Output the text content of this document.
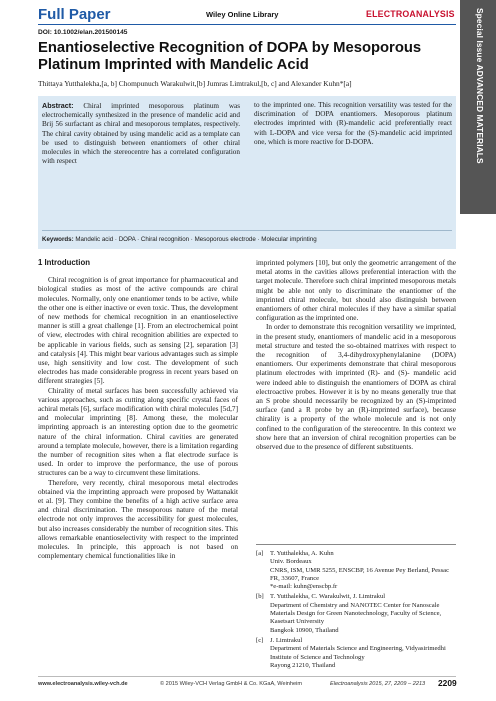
Full Paper	Wiley Online Library	ELECTROANALYSIS	Special Issue ADVANCED MATERIALS
DOI: 10.1002/elan.201500145
Enantioselective Recognition of DOPA by Mesoporous Platinum Imprinted with Mandelic Acid
Thittaya Yutthalekha,[a, b] Chompunuch Warakulwit,[b] Jumras Limtrakul,[b, c] and Alexander Kuhn*[a]
Abstract: Chiral imprinted mesoporous platinum was electrochemically synthesized in the presence of mandelic acid and Brij 56 surfactant as chiral and mesoporous templates, respectively. The chiral cavity obtained by using mandelic acid as a template can be used to distinguish between enantiomers of other chiral molecules in which the stereocentre has a correlated configuration with respect
to the imprinted one. This recognition versatility was tested for the discrimination of DOPA enantiomers. Mesoporous platinum electrodes imprinted with (R)-mandelic acid preferentially react with L-DOPA and vice versa for the (S)-mandelic acid imprinted one, which is more reactive for D-DOPA.
Keywords: Mandelic acid · DOPA · Chiral recognition · Mesoporous electrode · Molecular imprinting
1 Introduction

Chiral recognition is of great importance for pharmaceutical and biological studies as most of the active compounds are chiral molecules. Normally, only one enantiomer tends to be active, while the other one is either inactive or even toxic. Thus, the development of new methods for chemical recognition in an enantioselective manner is still a great challenge [1]. From an electrochemical point of view, electrodes with chiral recognition abilities are expected to be applicable in various fields, such as sensing [2], separation [3] and catalysis [4]. This might bear various advantages such as simple use, high sensitivity and low cost. The development of such electrodes has made considerable progress in recent years based on different strategies [5].

Chirality of metal surfaces has been successfully achieved via various approaches, such as cutting along specific crystal faces of achiral metals [6], surface modification with chiral molecules [5d,7] and molecular imprinting [8]. Among these, the molecular imprinting approach is an interesting option due to the geometric nature of the chiral information. Chiral cavities are generated around a template molecule, however, there is a limitation regarding the number of recognition sites when a flat electrode surface is used. In order to improve the performance, the use of porous structures can be a way to circumvent these limitations.

Therefore, very recently, chiral mesoporous metal electrodes obtained via the imprinting approach were proposed by Wattanakit et al. [9]. They combine the benefits of a high active surface area and chiral discrimination. The mesoporous nature of the metal electrode not only improves the accessibility for guest molecules, but also increases considerably the number of recognition sites. This allows remarkable enantioselectivity with respect to the imprinted molecules. In principle, this approach is not based on complementary chemical functionalities like in

imprinted polymers [10], but only the geometric arrangement of the metal atoms in the cavities allows preferential interaction with the target molecule. Therefore such chiral imprinted mesoporous metals might be able not only to discriminate the enantiomer of the imprinted chiral molecule, but should also distinguish between enantiomers of other chiral molecules if they have a similar spatial configuration as the imprinted one.

In order to demonstrate this recognition versatility we imprinted, in the present study, enantiomers of mandelic acid in a mesoporous metal structure and tested the so-obtained matrixes with respect to the recognition of 3,4-dihydroxyphenylalanine (DOPA) enantiomers. Our experiments demonstrate that chiral mesoporous platinum electrodes with imprinted (R)- and (S)- mandelic acid were indeed able to distinguish the enantiomers of DOPA as chiral electroactive probes. However it is by no means generally true that an S probe should necessarily be recognized by an (S)-imprinted surface (and a R probe by an (R)-imprinted surface), because chirality is a property of the whole molecule and is not only confined to the configuration of the stereocentre. In this context we show here that an inversion of chiral recognition properties can be observed due to the presence of different substituents.

[a]	T. Yutthalekha, A. Kuhn
Univ. Bordeaux
CNRS, ISM, UMR 5255, ENSCBP, 16 Avenue Pey Berland, Pessac FR, 33607, France
*e-mail: kuhn@enscbp.fr
[b] T. Yutthalekha, C. Warakulwit, J. Limtrakul
Department of Chemistry and NANOTEC Center for Nanoscale Materials Design for Green Nanotechnology, Faculty of Science, Kasetsart University
Bangkok 10900, Thailand
[c]	J. Limtrakul
Department of Materials Science and Engineering, Vidyasirimedhi Institute of Science and Technology
Rayong 21210, Thailand
www.electroanalysis.wiley-vch.de	© 2015 Wiley-VCH Verlag GmbH & Co. KGaA, Weinheim	Electroanalysis 2015, 27, 2209 – 2213 2209
